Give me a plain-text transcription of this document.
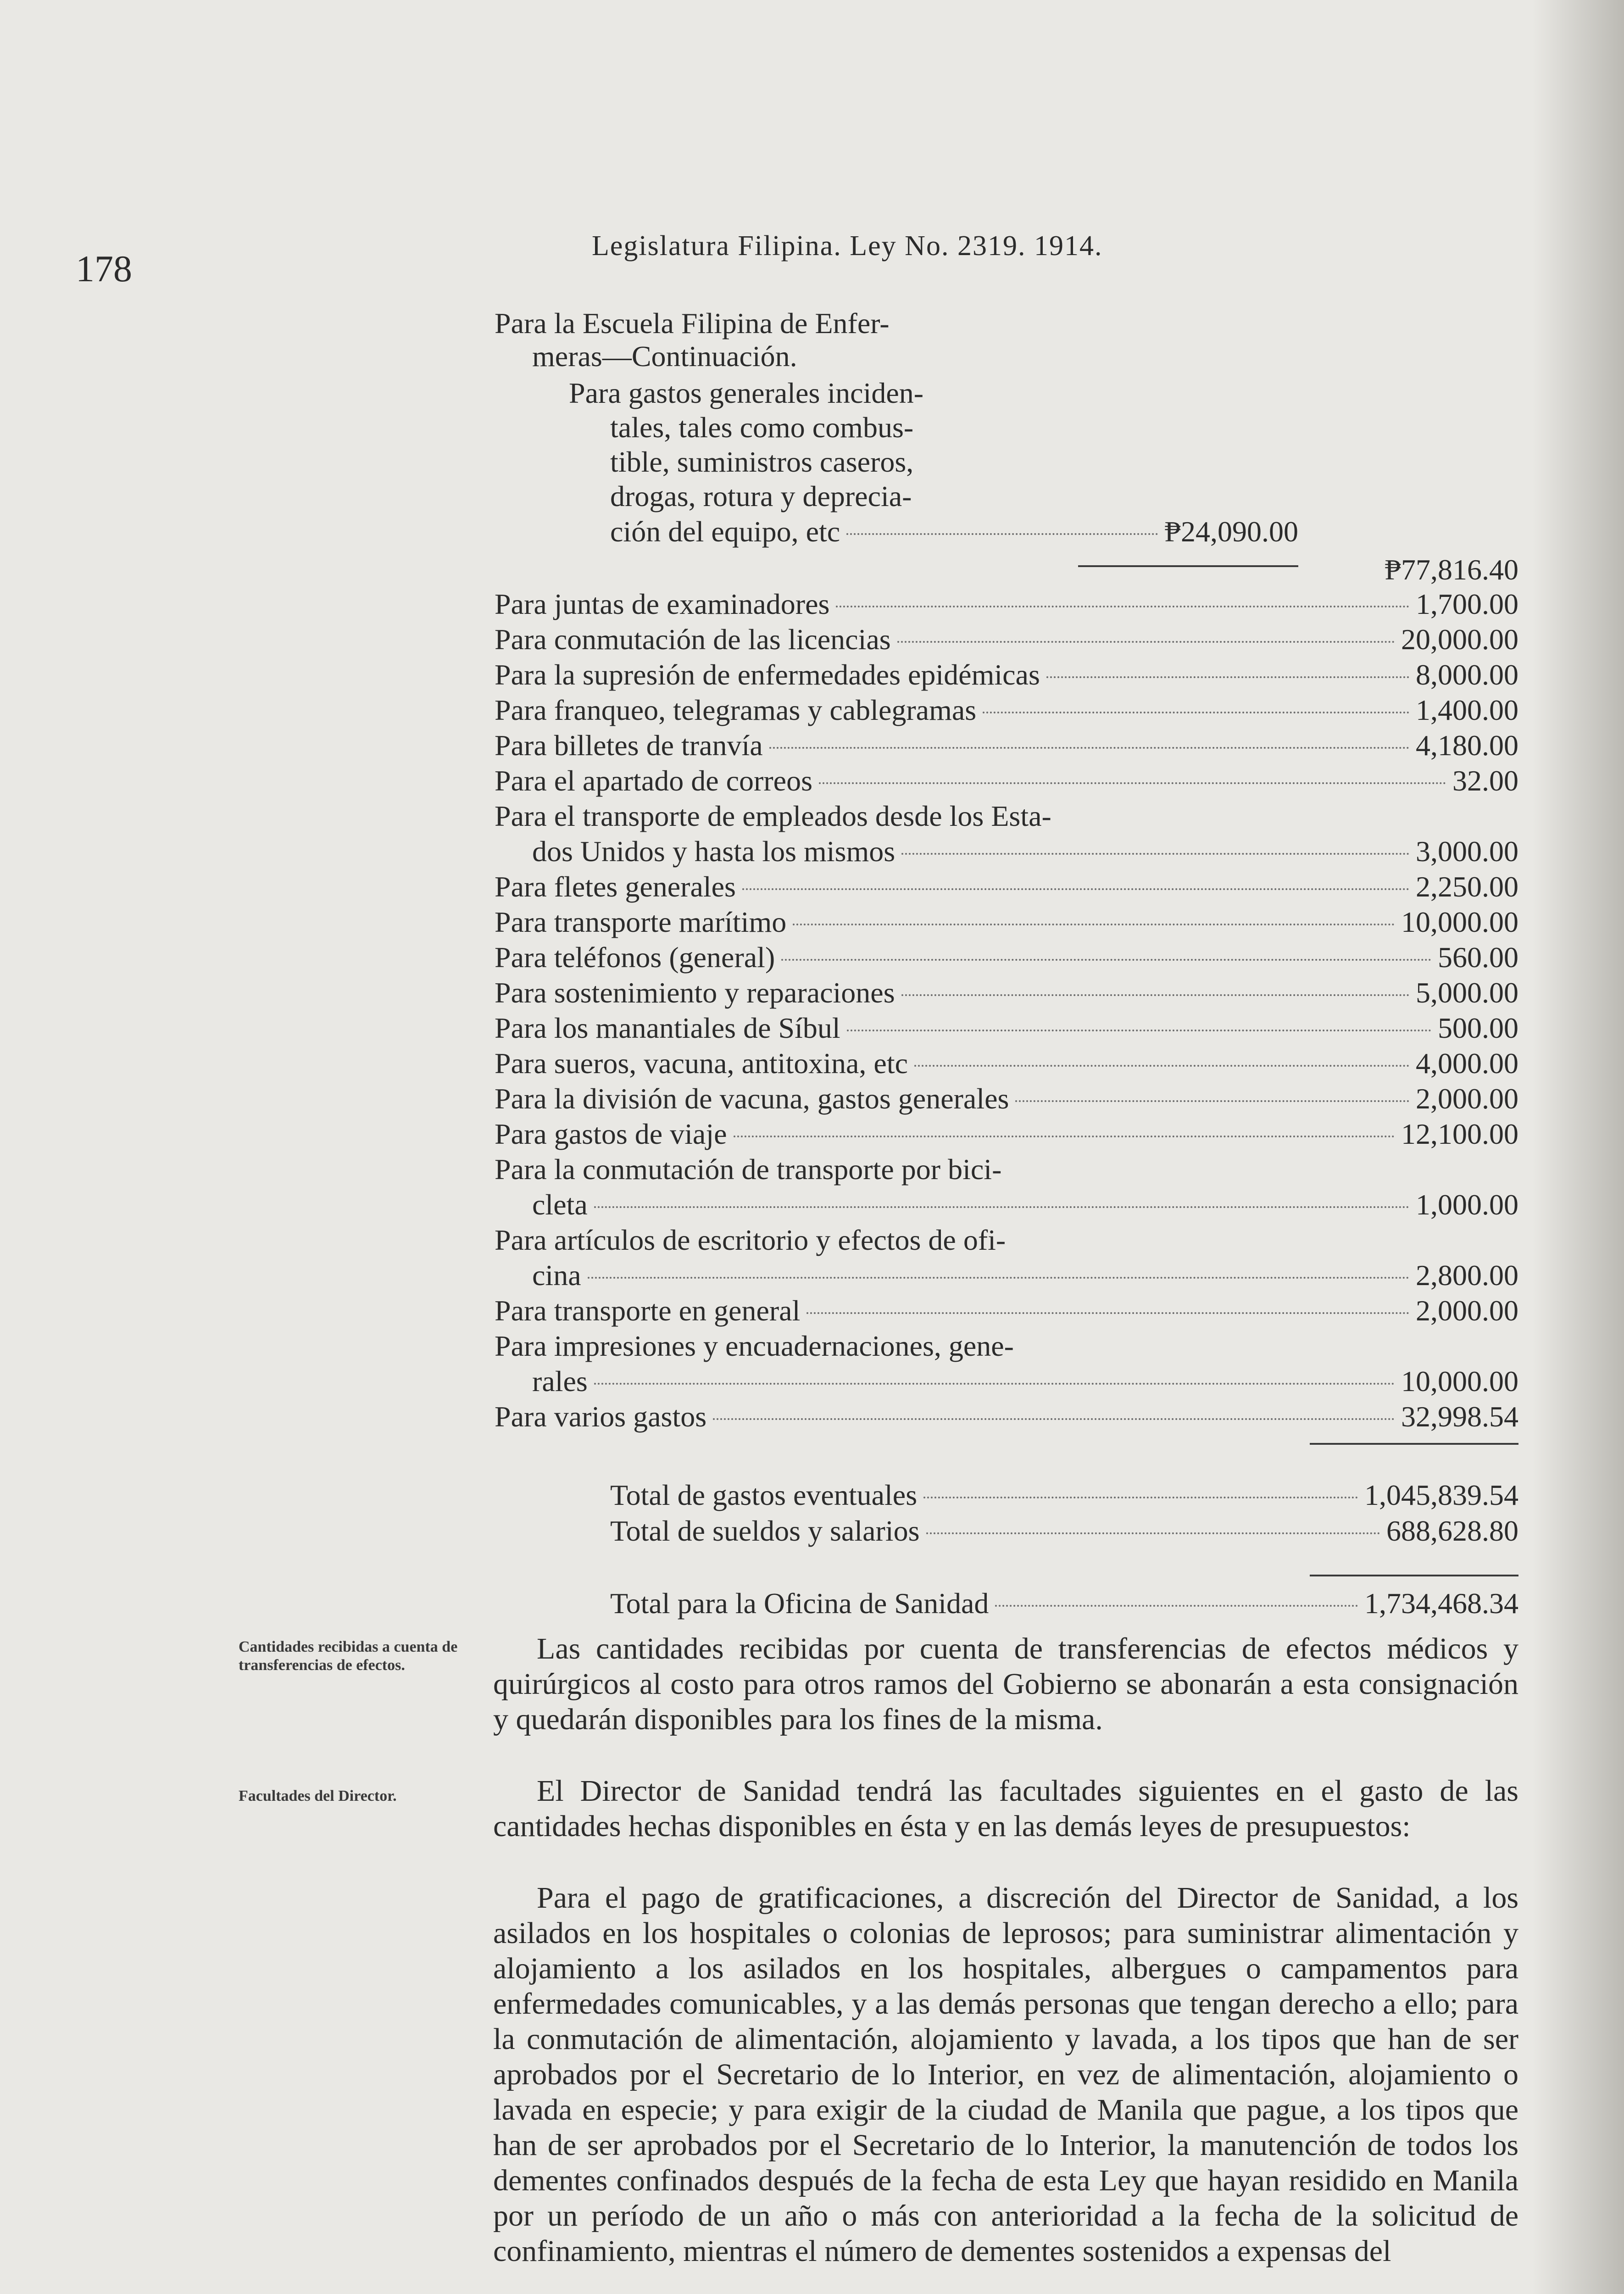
178
Legislatura Filipina. Ley No. 2319. 1914.
Para la Escuela Filipina de Enfer-
meras—Continuación.
Para gastos generales inciden-
tales, tales como combus-
tible, suministros caseros,
drogas, rotura y deprecia-
ción del equipo, etc	₱24,090.00
₱77,816.40
Para juntas de examinadores	1,700.00
Para conmutación de las licencias	20,000.00
Para la supresión de enfermedades epidémicas	8,000.00
Para franqueo, telegramas y cablegramas	1,400.00
Para billetes de tranvía	4,180.00
Para el apartado de correos	32.00
Para el transporte de empleados desde los Esta-
dos Unidos y hasta los mismos	3,000.00
Para fletes generales	2,250.00
Para transporte marítimo	10,000.00
Para teléfonos (general)	560.00
Para sostenimiento y reparaciones	5,000.00
Para los manantiales de Síbul	500.00
Para sueros, vacuna, antitoxina, etc	4,000.00
Para la división de vacuna, gastos generales	2,000.00
Para gastos de viaje	12,100.00
Para la conmutación de transporte por bici-
cleta	1,000.00
Para artículos de escritorio y efectos de ofi-
cina	2,800.00
Para transporte en general	2,000.00
Para impresiones y encuadernaciones, gene-
rales	10,000.00
Para varios gastos	32,998.54
Total de gastos eventuales	1,045,839.54
Total de sueldos y salarios	688,628.80
Total para la Oficina de Sanidad	1,734,468.34
Cantidades recibidas a cuenta de transferencias de efectos.
Facultades del Director.
Las cantidades recibidas por cuenta de transferencias de efectos médicos y quirúrgicos al costo para otros ramos del Gobierno se abonarán a esta consignación y quedarán disponibles para los fines de la misma.
El Director de Sanidad tendrá las facultades siguientes en el gasto de las cantidades hechas disponibles en ésta y en las demás leyes de presupuestos:
Para el pago de gratificaciones, a discreción del Director de Sanidad, a los asilados en los hospitales o colonias de leprosos; para suministrar alimentación y alojamiento a los asilados en los hospitales, albergues o campamentos para enfermedades comunicables, y a las demás personas que tengan derecho a ello; para la conmutación de alimentación, alojamiento y lavada, a los tipos que han de ser aprobados por el Secretario de lo Interior, en vez de alimentación, alojamiento o lavada en especie; y para exigir de la ciudad de Manila que pague, a los tipos que han de ser aprobados por el Secretario de lo Interior, la manutención de todos los dementes confinados después de la fecha de esta Ley que hayan residido en Manila por un período de un año o más con anterioridad a la fecha de la solicitud de confinamiento, mientras el número de dementes sostenidos a expensas del
